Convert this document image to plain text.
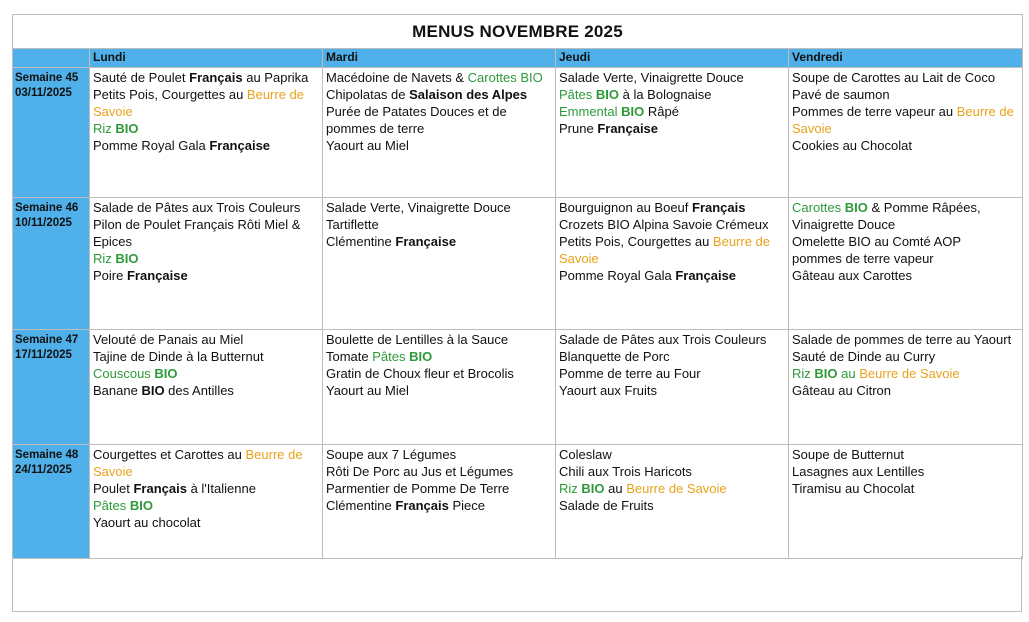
MENUS NOVEMBRE 2025				
	Lundi	Mardi	Jeudi	Vendredi

Semaine 45
03/11/2025	Sauté de Poulet Français au Paprika Petits Pois, Courgettes au Beurre de Savoie
Riz BIO
Pomme Royal Gala Française	Macédoine de Navets & Carottes BIO
Chipolatas de Salaison des Alpes
Purée de Patates Douces et de pommes de terre
Yaourt au Miel	Salade Verte, Vinaigrette Douce
Pâtes BIO à la Bolognaise
Emmental BIO Râpé
Prune Française	Soupe de Carottes au Lait de Coco
Pavé de saumon
Pommes de terre vapeur au Beurre de Savoie
Cookies au Chocolat

Semaine 46
10/11/2025	Salade de Pâtes aux Trois Couleurs
Pilon de Poulet Français Rôti Miel & Epices
Riz BIO
Poire Française	Salade Verte, Vinaigrette Douce
Tartiflette
Clémentine Française	Bourguignon au Boeuf Français
Crozets BIO Alpina Savoie Crémeux
Petits Pois, Courgettes au Beurre de Savoie
Pomme Royal Gala Française	Carottes BIO & Pomme Râpées,
Vinaigrette Douce
Omelette BIO au Comté AOP
pommes de terre vapeur
Gâteau aux Carottes

Semaine 47
17/11/2025	Velouté de Panais au Miel
Tajine de Dinde à la Butternut
Couscous BIO
Banane BIO des Antilles	Boulette de Lentilles à la Sauce Tomate Pâtes BIO
Gratin de Choux fleur et Brocolis
Yaourt au Miel	Salade de Pâtes aux Trois Couleurs
Blanquette de Porc
Pomme de terre au Four
Yaourt aux Fruits	Salade de pommes de terre au Yaourt
Sauté de Dinde au Curry
Riz BIO au Beurre de Savoie
Gâteau au Citron

Semaine 48
24/11/2025	Courgettes et Carottes au Beurre de Savoie
Poulet Français à l'Italienne
Pâtes BIO
Yaourt au chocolat	Soupe aux 7 Légumes
Rôti De Porc au Jus et Légumes
Parmentier de Pomme De Terre
Clémentine Français Piece	Coleslaw
Chili aux Trois Haricots
Riz BIO au Beurre de Savoie
Salade de Fruits	Soupe de Butternut
Lasagnes aux Lentilles
Tiramisu au Chocolat
